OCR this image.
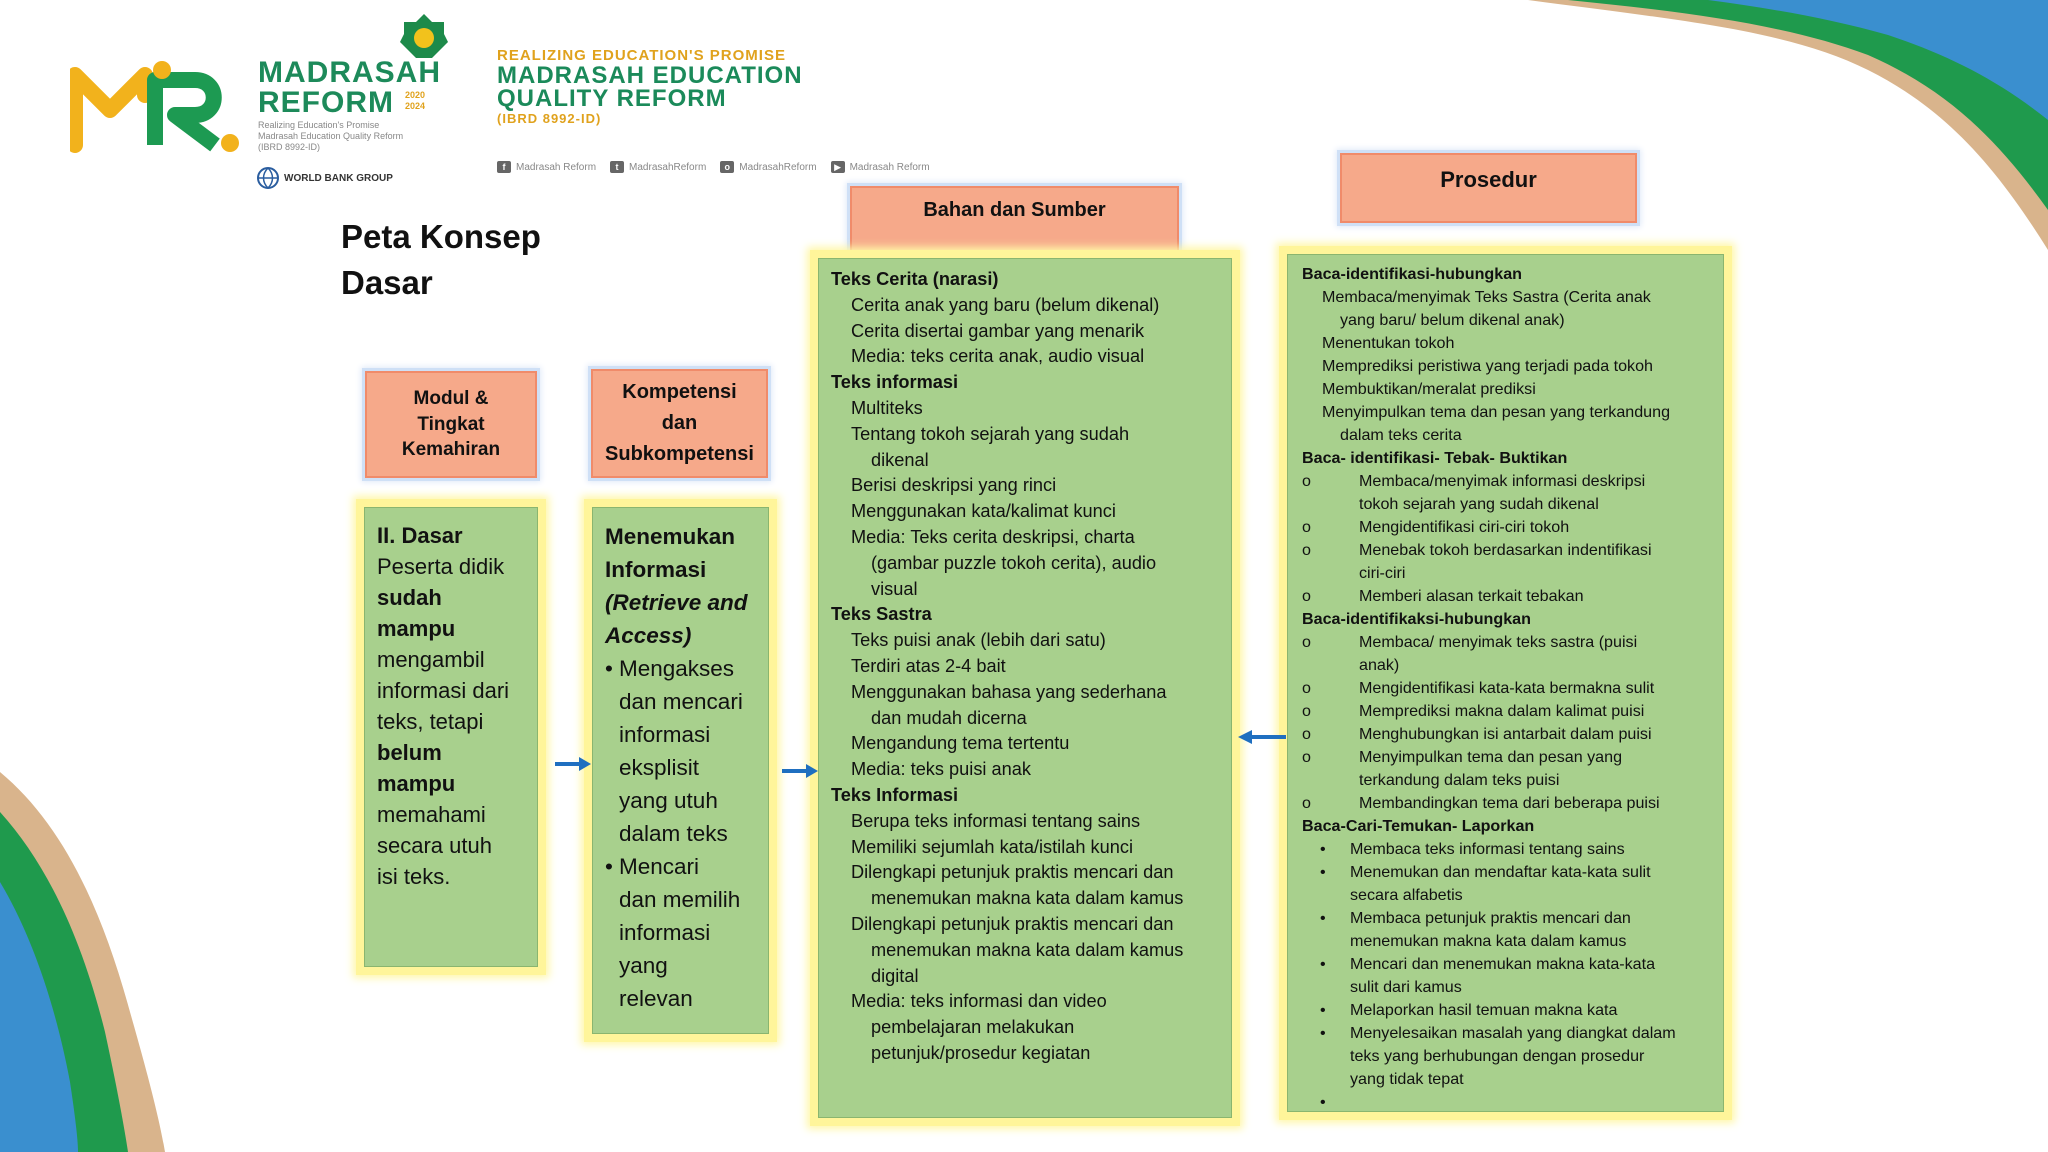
MADRASAH
REFORM 2020
2024
Realizing Education's Promise
Madrasah Education Quality Reform
(IBRD 8992-ID)
WORLD BANK GROUP
REALIZING EDUCATION'S PROMISE
MADRASAH EDUCATION
QUALITY REFORM
(IBRD 8992-ID)
f	Madrasah Reform	t	MadrasahReform	o MadrasahReform	▶ Madrasah Reform
Peta Konsep
Dasar
Modul &
Tingkat
Kemahiran
Kompetensi
dan
Subkompetensi
Bahan dan Sumber
Prosedur
II. Dasar
Peserta didik
sudah
mampu
mengambil
informasi dari
teks, tetapi
belum
mampu
memahami
secara utuh
isi teks.
Menemukan
Informasi
(Retrieve and
Access)
• Mengakses
dan mencari
informasi
eksplisit
yang utuh
dalam teks
• Mencari
dan memilih
informasi
yang
relevan
Teks Cerita (narasi)
Cerita anak yang baru (belum dikenal)
Cerita disertai gambar yang menarik
Media: teks cerita anak, audio visual
Teks informasi
Multiteks
Tentang tokoh sejarah yang sudah
dikenal
Berisi deskripsi yang rinci
Menggunakan kata/kalimat kunci
Media: Teks cerita deskripsi, charta
(gambar puzzle tokoh cerita), audio
visual
Teks Sastra
Teks puisi anak (lebih dari satu)
Terdiri atas 2-4 bait
Menggunakan bahasa yang sederhana
dan mudah dicerna
Mengandung tema tertentu
Media: teks puisi anak
Teks Informasi
Berupa teks informasi tentang sains
Memiliki sejumlah kata/istilah kunci
Dilengkapi petunjuk praktis mencari dan
menemukan makna kata dalam kamus
Dilengkapi petunjuk praktis mencari dan
menemukan makna kata dalam kamus
digital
Media: teks informasi dan video
pembelajaran melakukan
petunjuk/prosedur kegiatan
Baca-identifikasi-hubungkan
Membaca/menyimak Teks Sastra (Cerita anak
yang baru/ belum dikenal anak)
Menentukan tokoh
Memprediksi peristiwa yang terjadi pada tokoh
Membuktikan/meralat prediksi
Menyimpulkan tema dan pesan yang terkandung
dalam teks cerita
Baca- identifikasi- Tebak- Buktikan
o	Membaca/menyimak informasi deskripsi
tokoh sejarah yang sudah dikenal
o	Mengidentifikasi ciri-ciri tokoh
o	Menebak tokoh berdasarkan indentifikasi
ciri-ciri
o	Memberi alasan terkait tebakan
Baca-identifikaksi-hubungkan
o	Membaca/ menyimak teks sastra (puisi
anak)
o	Mengidentifikasi kata-kata bermakna sulit
o	Memprediksi makna dalam kalimat puisi
o	Menghubungkan isi antarbait dalam puisi
o	Menyimpulkan tema dan pesan yang
terkandung dalam teks puisi
o	Membandingkan tema dari beberapa puisi
Baca-Cari-Temukan- Laporkan
•	Membaca teks informasi tentang sains
•	Menemukan dan mendaftar kata-kata sulit
secara alfabetis
•	Membaca petunjuk praktis mencari dan
menemukan makna kata dalam kamus
•	Mencari dan menemukan makna kata-kata
sulit dari kamus
•	Melaporkan hasil temuan makna kata
•	Menyelesaikan masalah yang diangkat dalam
teks yang berhubungan dengan prosedur
yang tidak tepat
•
